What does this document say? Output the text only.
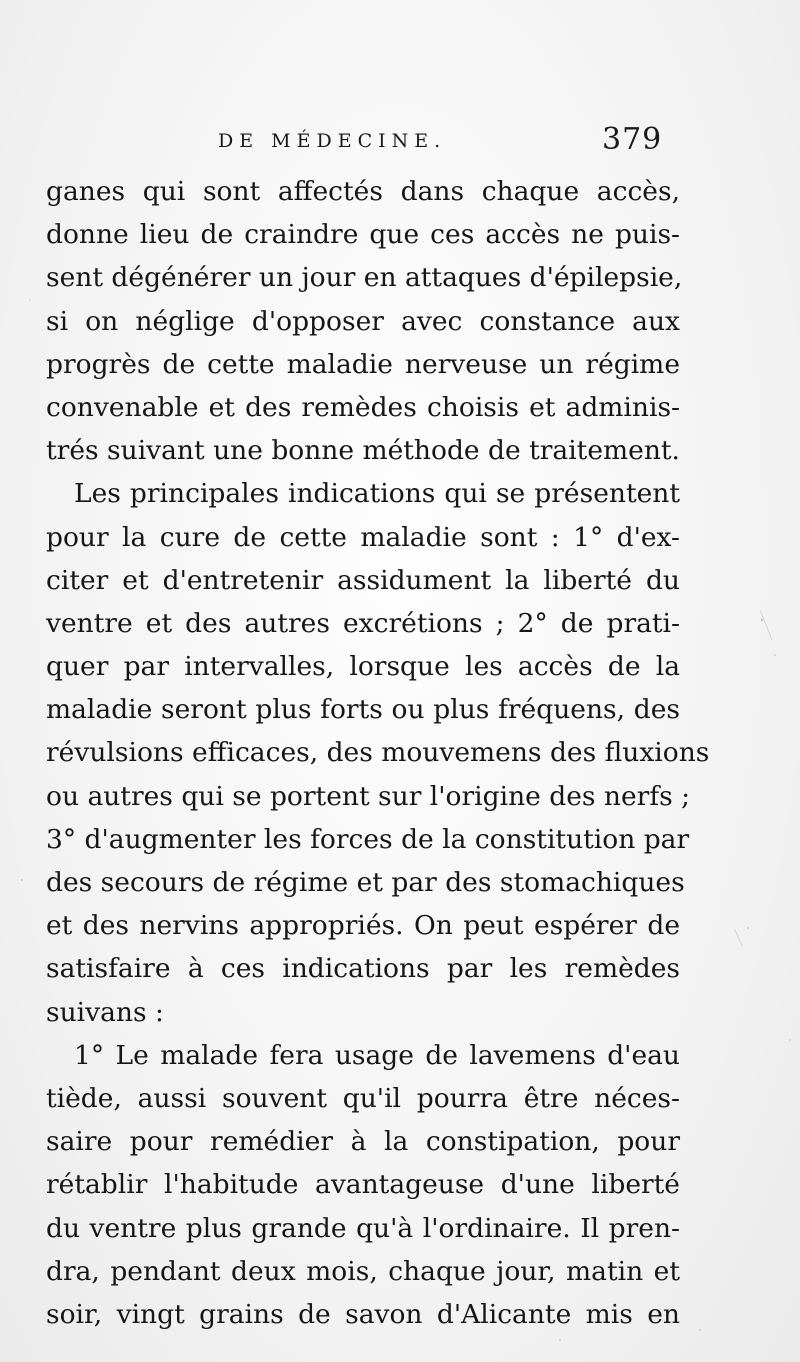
DE MÉDECINE.	379
ganes qui sont affectés dans chaque accès,
donne lieu de craindre que ces accès ne puis-
sent dégénérer un jour en attaques d'épilepsie,
si on néglige d'opposer avec constance aux
progrès de cette maladie nerveuse un régime
convenable et des remèdes choisis et adminis-
trés suivant une bonne méthode de traitement.
Les principales indications qui se présentent
pour la cure de cette maladie sont : 1° d'ex-
citer et d'entretenir assidument la liberté du
ventre et des autres excrétions ; 2° de prati-
quer par intervalles, lorsque les accès de la
maladie seront plus forts ou plus fréquens, des
révulsions efficaces, des mouvemens des fluxions
ou autres qui se portent sur l'origine des nerfs ;
3° d'augmenter les forces de la constitution par
des secours de régime et par des stomachiques
et des nervins appropriés. On peut espérer de
satisfaire à ces indications par les remèdes
suivans :
1° Le malade fera usage de lavemens d'eau
tiède, aussi souvent qu'il pourra être néces-
saire pour remédier à la constipation, pour
rétablir l'habitude avantageuse d'une liberté
du ventre plus grande qu'à l'ordinaire. Il pren-
dra, pendant deux mois, chaque jour, matin et
soir, vingt grains de savon d'Alicante mis en
